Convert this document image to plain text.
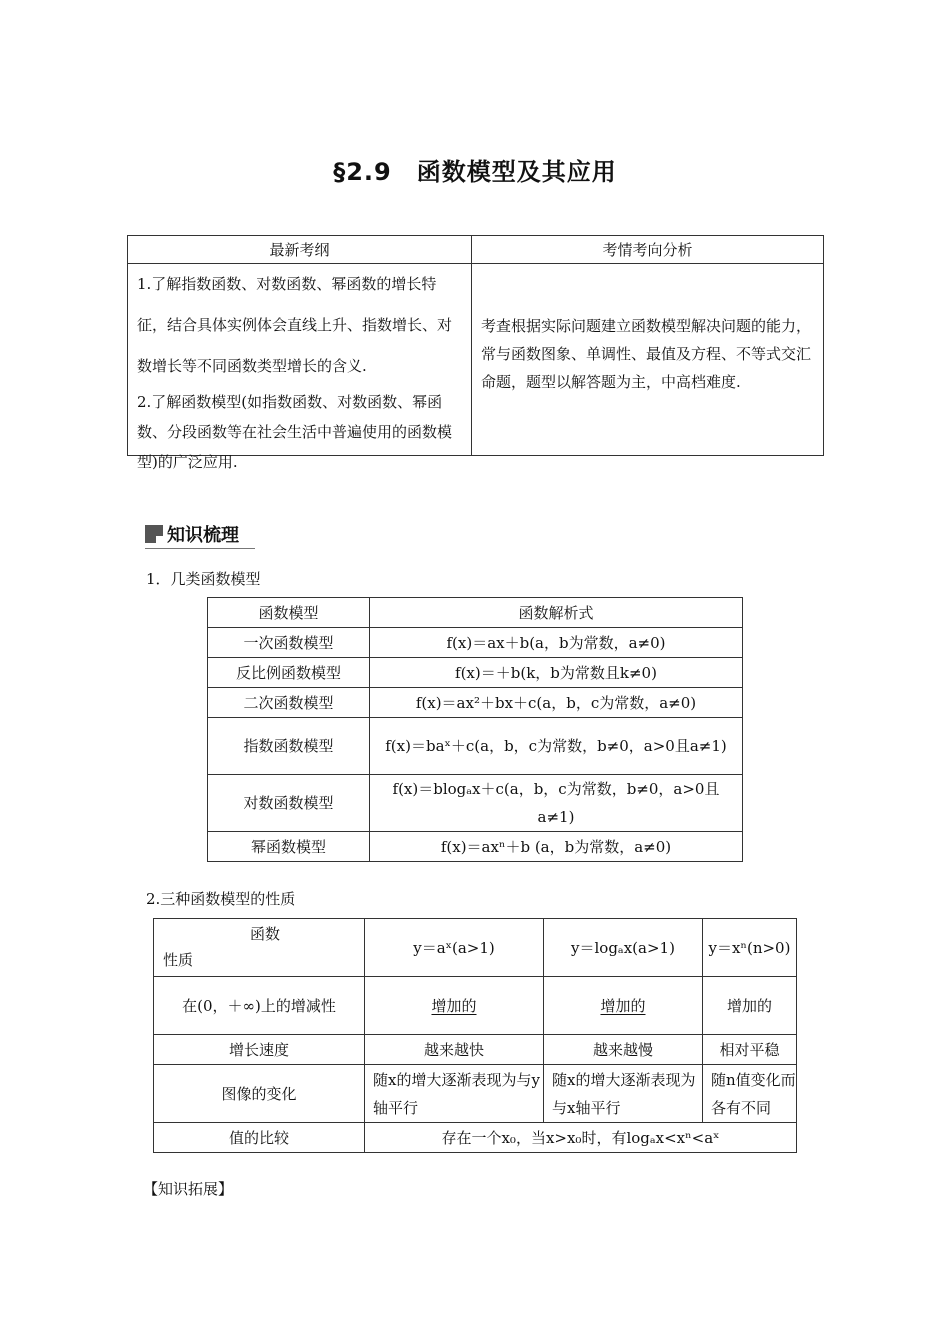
§2.9　函数模型及其应用
最新考纲	考情考向分析

1.了解指数函数、对数函数、幂函数的增长特征，结合具体实例体会直线上升、指数增长、对数增长等不同函数类型增长的含义.
2.了解函数模型(如指数函数、对数函数、幂函数、分段函数等在社会生活中普遍使用的函数模型)的广泛应用.	考查根据实际问题建立函数模型解决问题的能力，常与函数图象、单调性、最值及方程、不等式交汇命题，题型以解答题为主，中高档难度.
知识梳理
1．几类函数模型
函数模型	函数解析式
一次函数模型	f(x)＝ax＋b(a，b为常数，a≠0)
反比例函数模型	f(x)＝＋b(k，b为常数且k≠0)
二次函数模型	f(x)＝ax²＋bx＋c(a，b，c为常数，a≠0)
指数函数模型	f(x)＝baˣ＋c(a，b，c为常数，b≠0，a>0且a≠1)
对数函数模型	f(x)＝blogₐx＋c(a，b，c为常数，b≠0，a>0且a≠1)
幂函数模型	f(x)＝axⁿ＋b (a，b为常数，a≠0)
2.三种函数模型的性质
函数
性质	y＝aˣ(a>1)	y＝logₐx(a>1)	y＝xⁿ(n>0)
在(0，＋∞)上的增减性	增加的	增加的	增加的
增长速度	越来越快	越来越慢	相对平稳
图像的变化	随x的增大逐渐表现为与y轴平行	随x的增大逐渐表现为与x轴平行	随n值变化而各有不同
值的比较	存在一个x₀，当x>x₀时，有logₐx<xⁿ<aˣ		
【知识拓展】
